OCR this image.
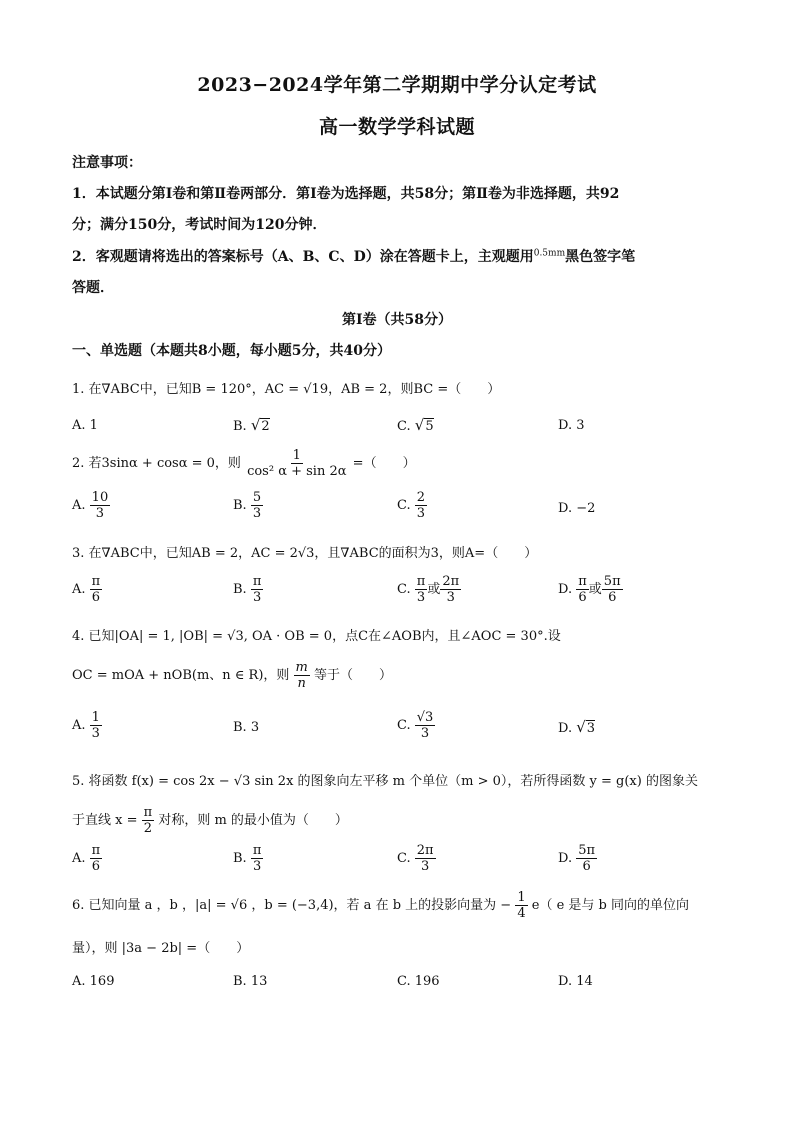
2023−2024学年第二学期期中学分认定考试
高一数学学科试题
注意事项：
1．本试题分第Ⅰ卷和第Ⅱ卷两部分．第Ⅰ卷为选择题，共58分；第Ⅱ卷为非选择题，共92
分；满分150分，考试时间为120分钟．
2．客观题请将选出的答案标号（A、B、C、D）涂在答题卡上，主观题用$^{0.5mm}$黑色签字笔
答题．
第Ⅰ卷（共58分）
一、单选题（本题共8小题，每小题5分，共40分）
1. 在∇ABC中，已知B = 120°，AC = √19，AB = 2，则BC =（　　）
A. 1	B. √2	C. √5	D. 3
2. 若3sinα + cosα = 0，则 $\frac{1}{\text{cos² α + sin 2α}}$ =（　　）
A. $\frac{10}{3}$	B. $\frac{5}{3}$	C. $\frac{2}{3}$	D. −2
3. 在∇ABC中，已知AB = 2，AC = 2√3，且∇ABC的面积为3，则A=（　　）
A. $\frac{\pi}{6}$	B. $\frac{\pi}{3}$	C. $\frac{\pi}{3}$ 或 $\frac{2\pi}{3}$	D. $\frac{\pi}{6}$ 或 $\frac{5\pi}{6}$
4. 已知|OA| = 1, |OB| = √3, OA · OB = 0，点C在∠AOB内，且∠AOC = 30°.设
OC = mOA + nOB(m、n ∈ R)，则 $\frac{m}{n}$ 等于（　　）
A. $\frac{1}{3}$	B. 3	C. $\frac{√3}{3}$	D. √3
5. 将函数 f(x) = cos 2x − √3 sin 2x 的图象向左平移 m 个单位（m > 0），若所得函数 y = g(x) 的图象关
于直线 $x = \frac{\pi}{2}$ 对称，则 m 的最小值为（　　）
A. $\frac{\pi}{6}$	B. $\frac{\pi}{3}$	C. $\frac{2\pi}{3}$	D. $\frac{5\pi}{6}$
6. 已知向量 a ，b ，|a| = √6 ，b = (−3,4)，若 a 在 b 上的投影向量为 − $\frac{1}{4} e$（ e 是与 b 同向的单位向
量），则 |3a − 2b| =（　　）
A. 169	B. 13	C. 196	D. 14
